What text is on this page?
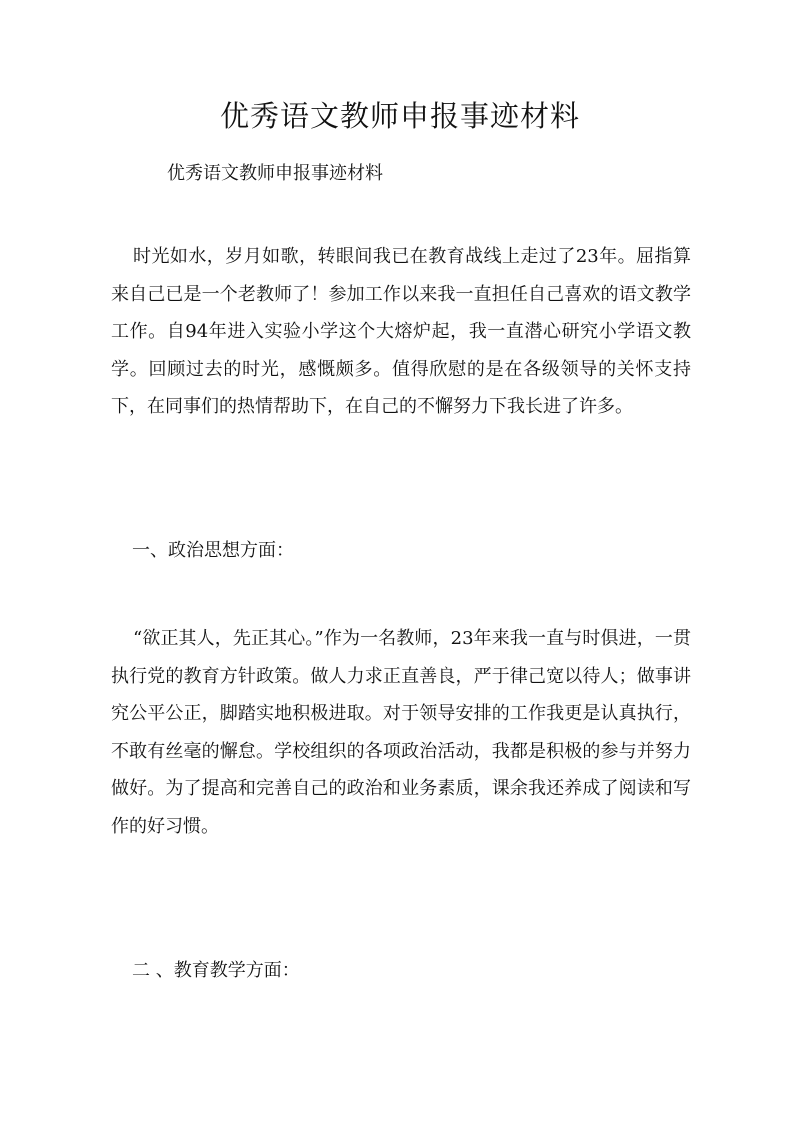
优秀语文教师申报事迹材料
优秀语文教师申报事迹材料

时光如水，岁月如歌，转眼间我已在教育战线上走过了23年。屈指算来自己已是一个老教师了！参加工作以来我一直担任自己喜欢的语文教学工作。自94年进入实验小学这个大熔炉起，我一直潜心研究小学语文教学。回顾过去的时光，感慨颇多。值得欣慰的是在各级领导的关怀支持下，在同事们的热情帮助下，在自己的不懈努力下我长进了许多。

一、政治思想方面：

“欲正其人，先正其心。”作为一名教师，23年来我一直与时俱进，一贯执行党的教育方针政策。做人力求正直善良，严于律己宽以待人；做事讲究公平公正，脚踏实地积极进取。对于领导安排的工作我更是认真执行，不敢有丝毫的懈怠。学校组织的各项政治活动，我都是积极的参与并努力做好。为了提高和完善自己的政治和业务素质，课余我还养成了阅读和写作的好习惯。

二 、教育教学方面：
